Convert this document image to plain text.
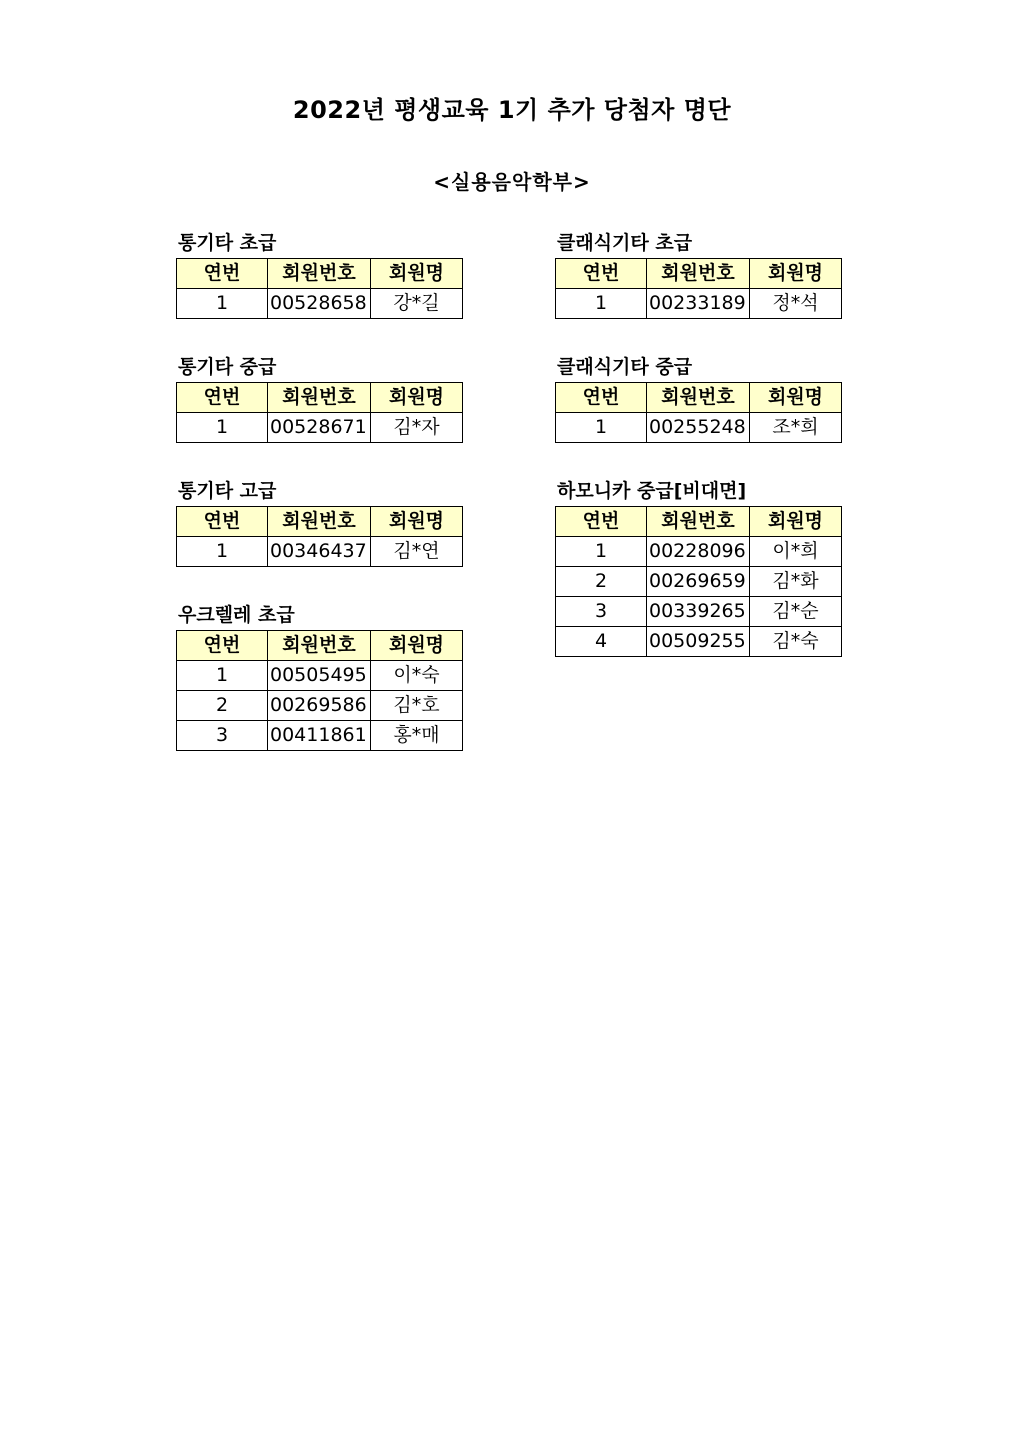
2022년 평생교육 1기 추가 당첨자 명단
<실용음악학부>
통기타 초급
연번	회원번호	회원명
1	00528658	강*길
통기타 중급
연번	회원번호	회원명
1	00528671	김*자
통기타 고급
연번	회원번호	회원명
1	00346437	김*연
우크렐레 초급
연번	회원번호	회원명
1	00505495	이*숙
2	00269586	김*호
3	00411861	홍*매
클래식기타 초급
연번	회원번호	회원명
1	00233189	정*석
클래식기타 중급
연번	회원번호	회원명
1	00255248	조*희
하모니카 중급[비대면]
연번	회원번호	회원명
1	00228096	이*희
2	00269659	김*화
3	00339265	김*순
4	00509255	김*숙
